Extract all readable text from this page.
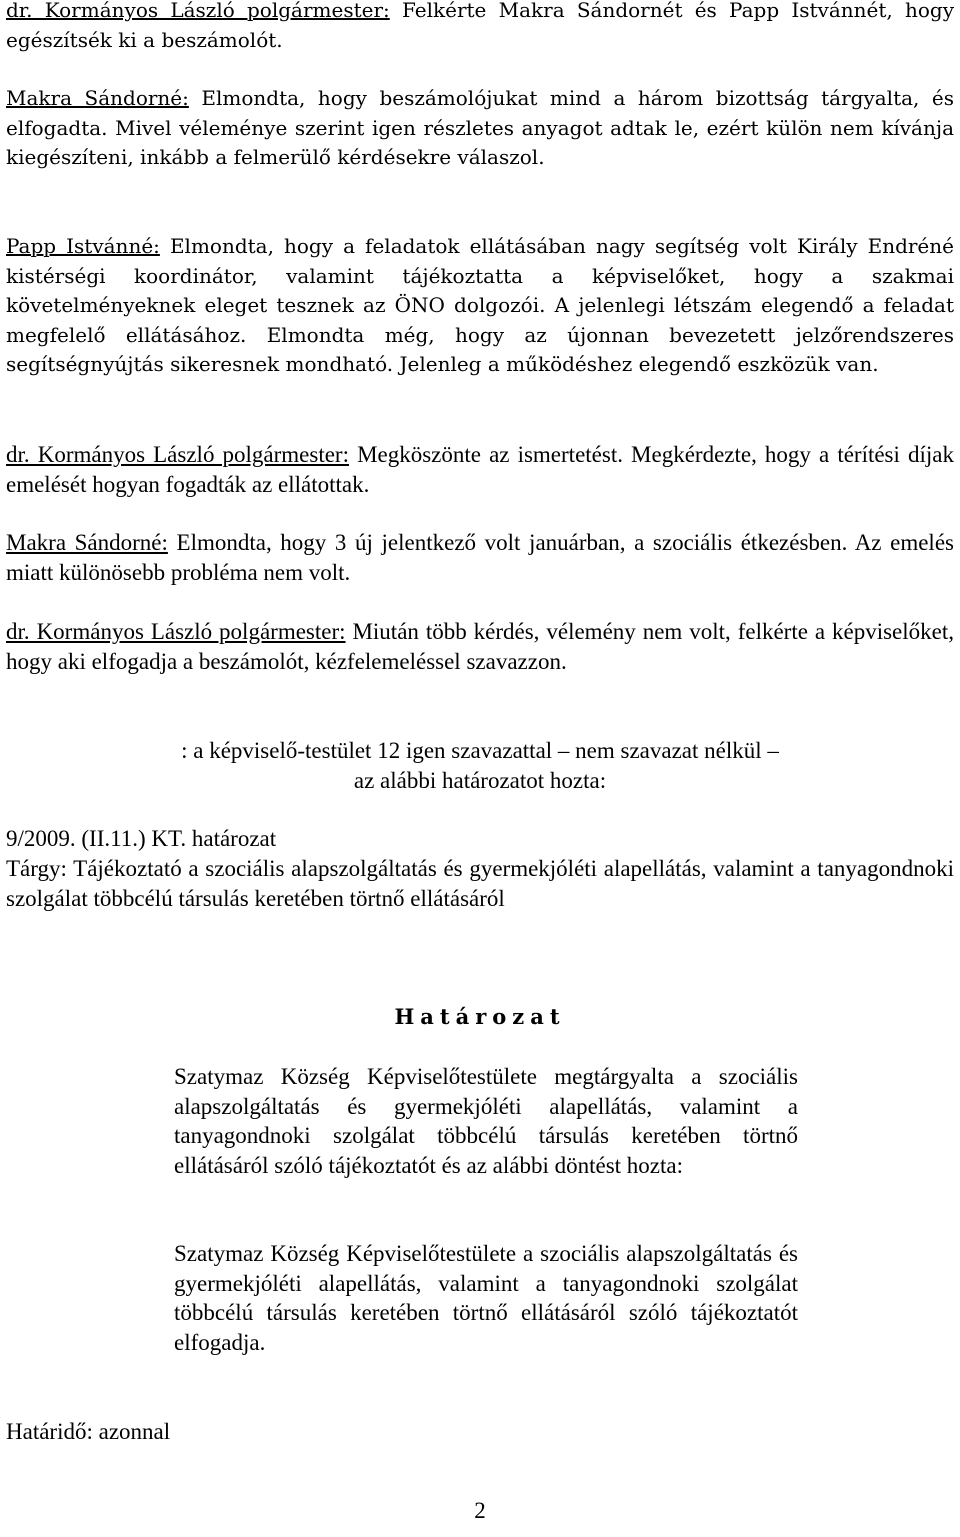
dr. Kormányos László polgármester: Felkérte Makra Sándornét és Papp Istvánnét, hogy egészítsék ki a beszámolót.

Makra Sándorné: Elmondta, hogy beszámolójukat mind a három bizottság tárgyalta, és elfogadta. Mivel véleménye szerint igen részletes anyagot adtak le, ezért külön nem kívánja kiegészíteni, inkább a felmerülő kérdésekre válaszol.

Papp Istvánné: Elmondta, hogy a feladatok ellátásában nagy segítség volt Király Endréné kistérségi koordinátor, valamint tájékoztatta a képviselőket, hogy a szakmai követelményeknek eleget tesznek az ÖNO dolgozói. A jelenlegi létszám elegendő a feladat megfelelő ellátásához. Elmondta még, hogy az újonnan bevezetett jelzőrendszeres segítségnyújtás sikeresnek mondható. Jelenleg a működéshez elegendő eszközük van.

dr. Kormányos László polgármester: Megköszönte az ismertetést. Megkérdezte, hogy a térítési díjak emelését hogyan fogadták az ellátottak.

Makra Sándorné: Elmondta, hogy 3 új jelentkező volt januárban, a szociális étkezésben. Az emelés miatt különösebb probléma nem volt.

dr. Kormányos László polgármester: Miután több kérdés, vélemény nem volt, felkérte a képviselőket, hogy aki elfogadja a beszámolót, kézfelemeléssel szavazzon.

: a képviselő-testület 12 igen szavazattal – nem szavazat nélkül –
az alábbi határozatot hozta:
9/2009. (II.11.) KT. határozat

Tárgy: Tájékoztató a szociális alapszolgáltatás és gyermekjóléti alapellátás, valamint a tanyagondnoki szolgálat többcélú társulás keretében törtnő ellátásáról

Határozat
Szatymaz Község Képviselőtestülete megtárgyalta a szociális alapszolgáltatás és gyermekjóléti alapellátás, valamint a tanyagondnoki szolgálat többcélú társulás keretében törtnő ellátásáról szóló tájékoztatót és az alábbi döntést hozta:
Szatymaz Község Képviselőtestülete a szociális alapszolgáltatás és gyermekjóléti alapellátás, valamint a tanyagondnoki szolgálat többcélú társulás keretében törtnő ellátásáról szóló tájékoztatót elfogadja.
Határidő: azonnal
2
